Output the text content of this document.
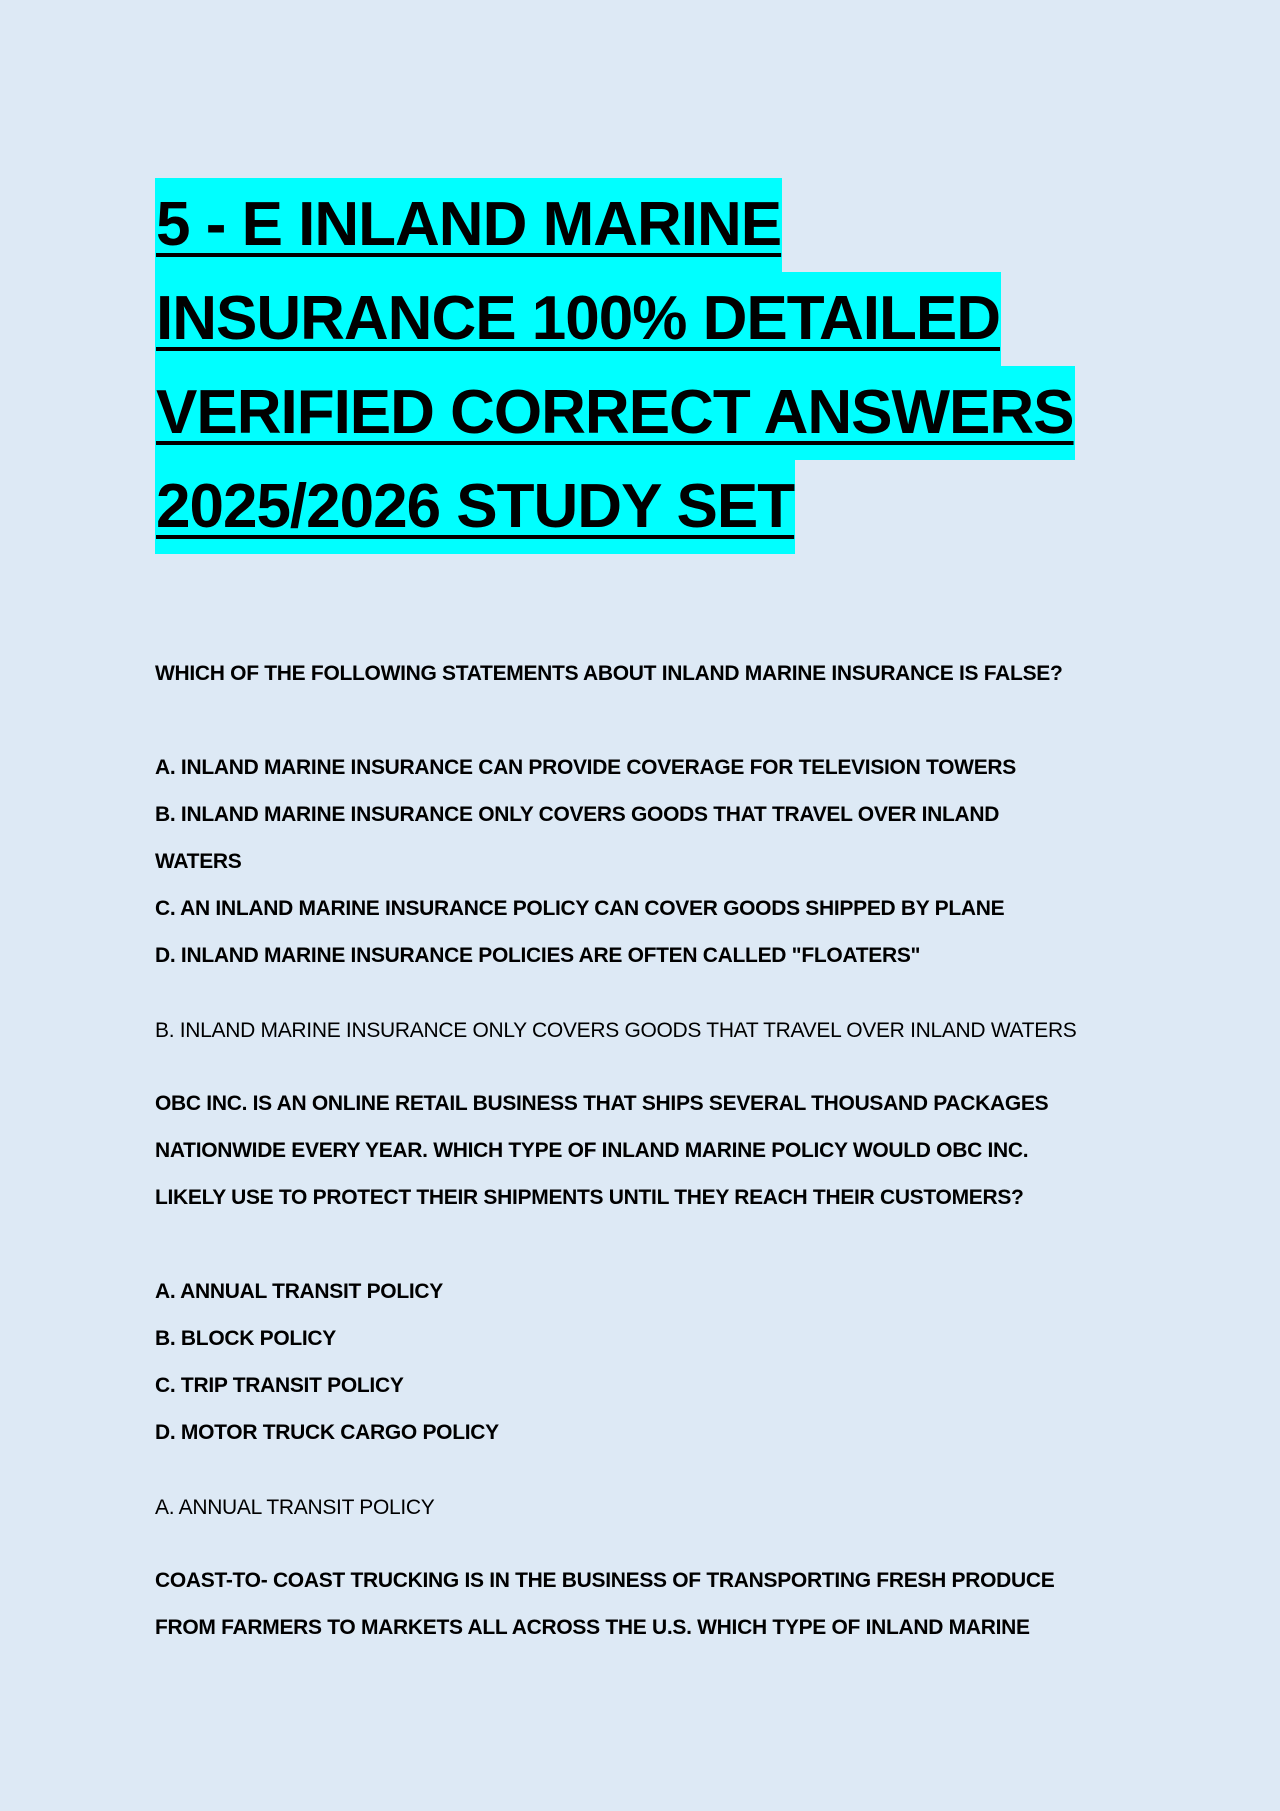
5 - E INLAND MARINE
INSURANCE 100% DETAILED
VERIFIED CORRECT ANSWERS
2025/2026 STUDY SET
WHICH OF THE FOLLOWING STATEMENTS ABOUT INLAND MARINE INSURANCE IS FALSE?
A. INLAND MARINE INSURANCE CAN PROVIDE COVERAGE FOR TELEVISION TOWERS
B. INLAND MARINE INSURANCE ONLY COVERS GOODS THAT TRAVEL OVER INLAND
WATERS
C. AN INLAND MARINE INSURANCE POLICY CAN COVER GOODS SHIPPED BY PLANE
D. INLAND MARINE INSURANCE POLICIES ARE OFTEN CALLED "FLOATERS"
B. INLAND MARINE INSURANCE ONLY COVERS GOODS THAT TRAVEL OVER INLAND WATERS
OBC INC. IS AN ONLINE RETAIL BUSINESS THAT SHIPS SEVERAL THOUSAND PACKAGES
NATIONWIDE EVERY YEAR. WHICH TYPE OF INLAND MARINE POLICY WOULD OBC INC.
LIKELY USE TO PROTECT THEIR SHIPMENTS UNTIL THEY REACH THEIR CUSTOMERS?
A. ANNUAL TRANSIT POLICY
B. BLOCK POLICY
C. TRIP TRANSIT POLICY
D. MOTOR TRUCK CARGO POLICY
A. ANNUAL TRANSIT POLICY
COAST-TO- COAST TRUCKING IS IN THE BUSINESS OF TRANSPORTING FRESH PRODUCE
FROM FARMERS TO MARKETS ALL ACROSS THE U.S. WHICH TYPE OF INLAND MARINE
